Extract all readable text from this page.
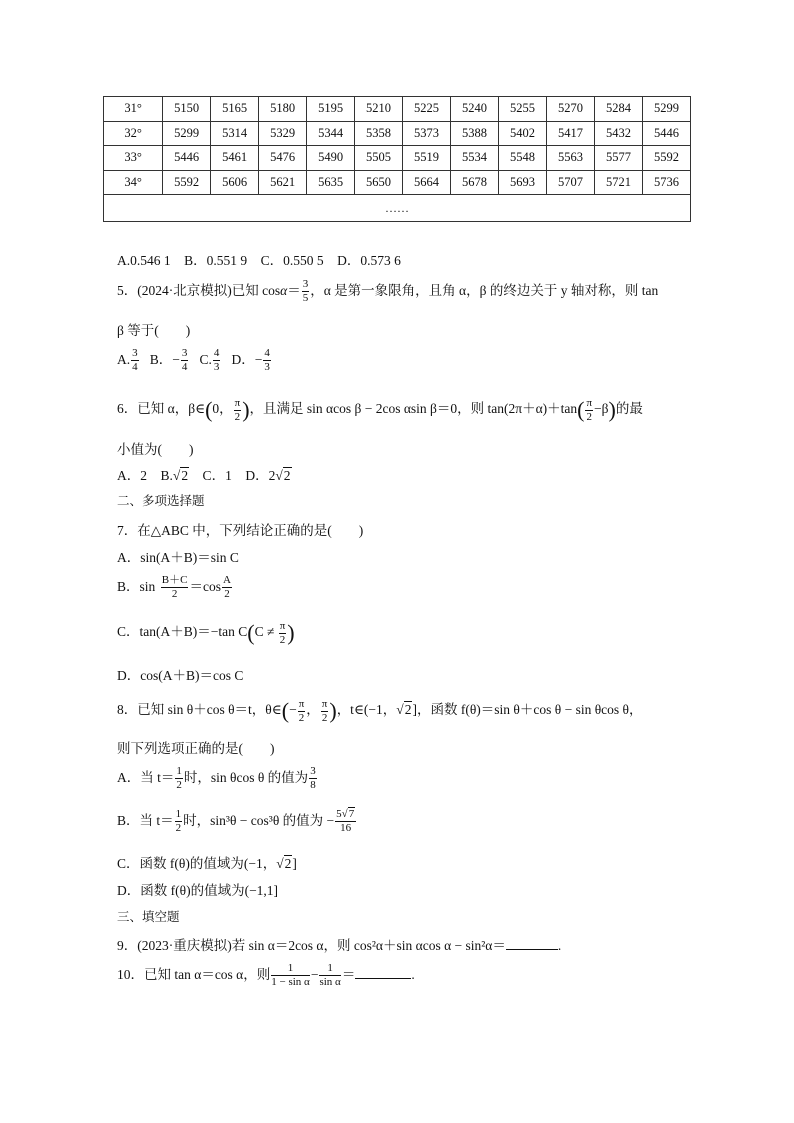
31°	5150	5165	5180	5195	5210	5225	5240	5255	5270	5284	5299
32°	5299	5314	5329	5344	5358	5373	5388	5402	5417	5432	5446
33°	5446	5461	5476	5490	5505	5519	5534	5548	5563	5577	5592
34°	5592	5606	5621	5635	5650	5664	5678	5693	5707	5721	5736
……											
A.0.546 1　B．0.551 9　C．0.550 5　D．0.573 6
5．(2024·北京模拟)已知 $\cos\alpha= \frac{3}{5}$ ，α 是第一象限角，且角 α，β 的终边关于 y 轴对称，则 tan
β 等于(　　)
A. $\frac{3}{4}$
  B．− $\frac{3}{4}$
  C. $\frac{4}{3}$
  D．− $\frac{4}{3}$
6．已知 α，β∈(0， $\frac{\pi}{2}$ )，且满足 sin αcos β − 2cos αsin β＝0，则 $\tan(2\pi+\alpha)+\tan( \frac{\pi}{2} -\beta)$的最
小值为(　　)
A．2　B.√2　C．1　D．2√2
二、多项选择题
7．在△ABC 中，下列结论正确的是(　　)
A．sin(A＋B)＝sin C
B．sin  $\frac{B+C}{2} =\cos \frac{A}{2}$
C．tan(A＋B)＝−tan $C(C \ne \frac{\pi}{2}$ )
D．cos(A＋B)＝cos C
8．已知 sin θ＋cos θ＝t，θ∈(− $\frac{\pi}{2}$ ， $\frac{\pi}{2}$ )，t∈(−1，√2]，函数 f(θ)＝sin θ＋cos θ − sin θcos θ，
则下列选项正确的是(　　)
A．当 $t= \frac{1}{2}$ 时，sin θcos θ 的值为 $\frac{3}{8}$
B．当 $t= \frac{1}{2}$ 时，sin³θ − cos³θ 的值为 − $\frac{5√7}{16}$
C．函数 f(θ)的值域为(−1，√2]
D．函数 f(θ)的值域为(−1,1]
三、填空题
9．(2023·重庆模拟)若 sin α＝2cos α，则 cos²α＋sin αcos α − sin²α＝	.
10．已知 tan α＝cos α，则 $\frac{1}{\text{1 − sin α}} - \frac{1}{\text{sin α}}$ ＝	.
